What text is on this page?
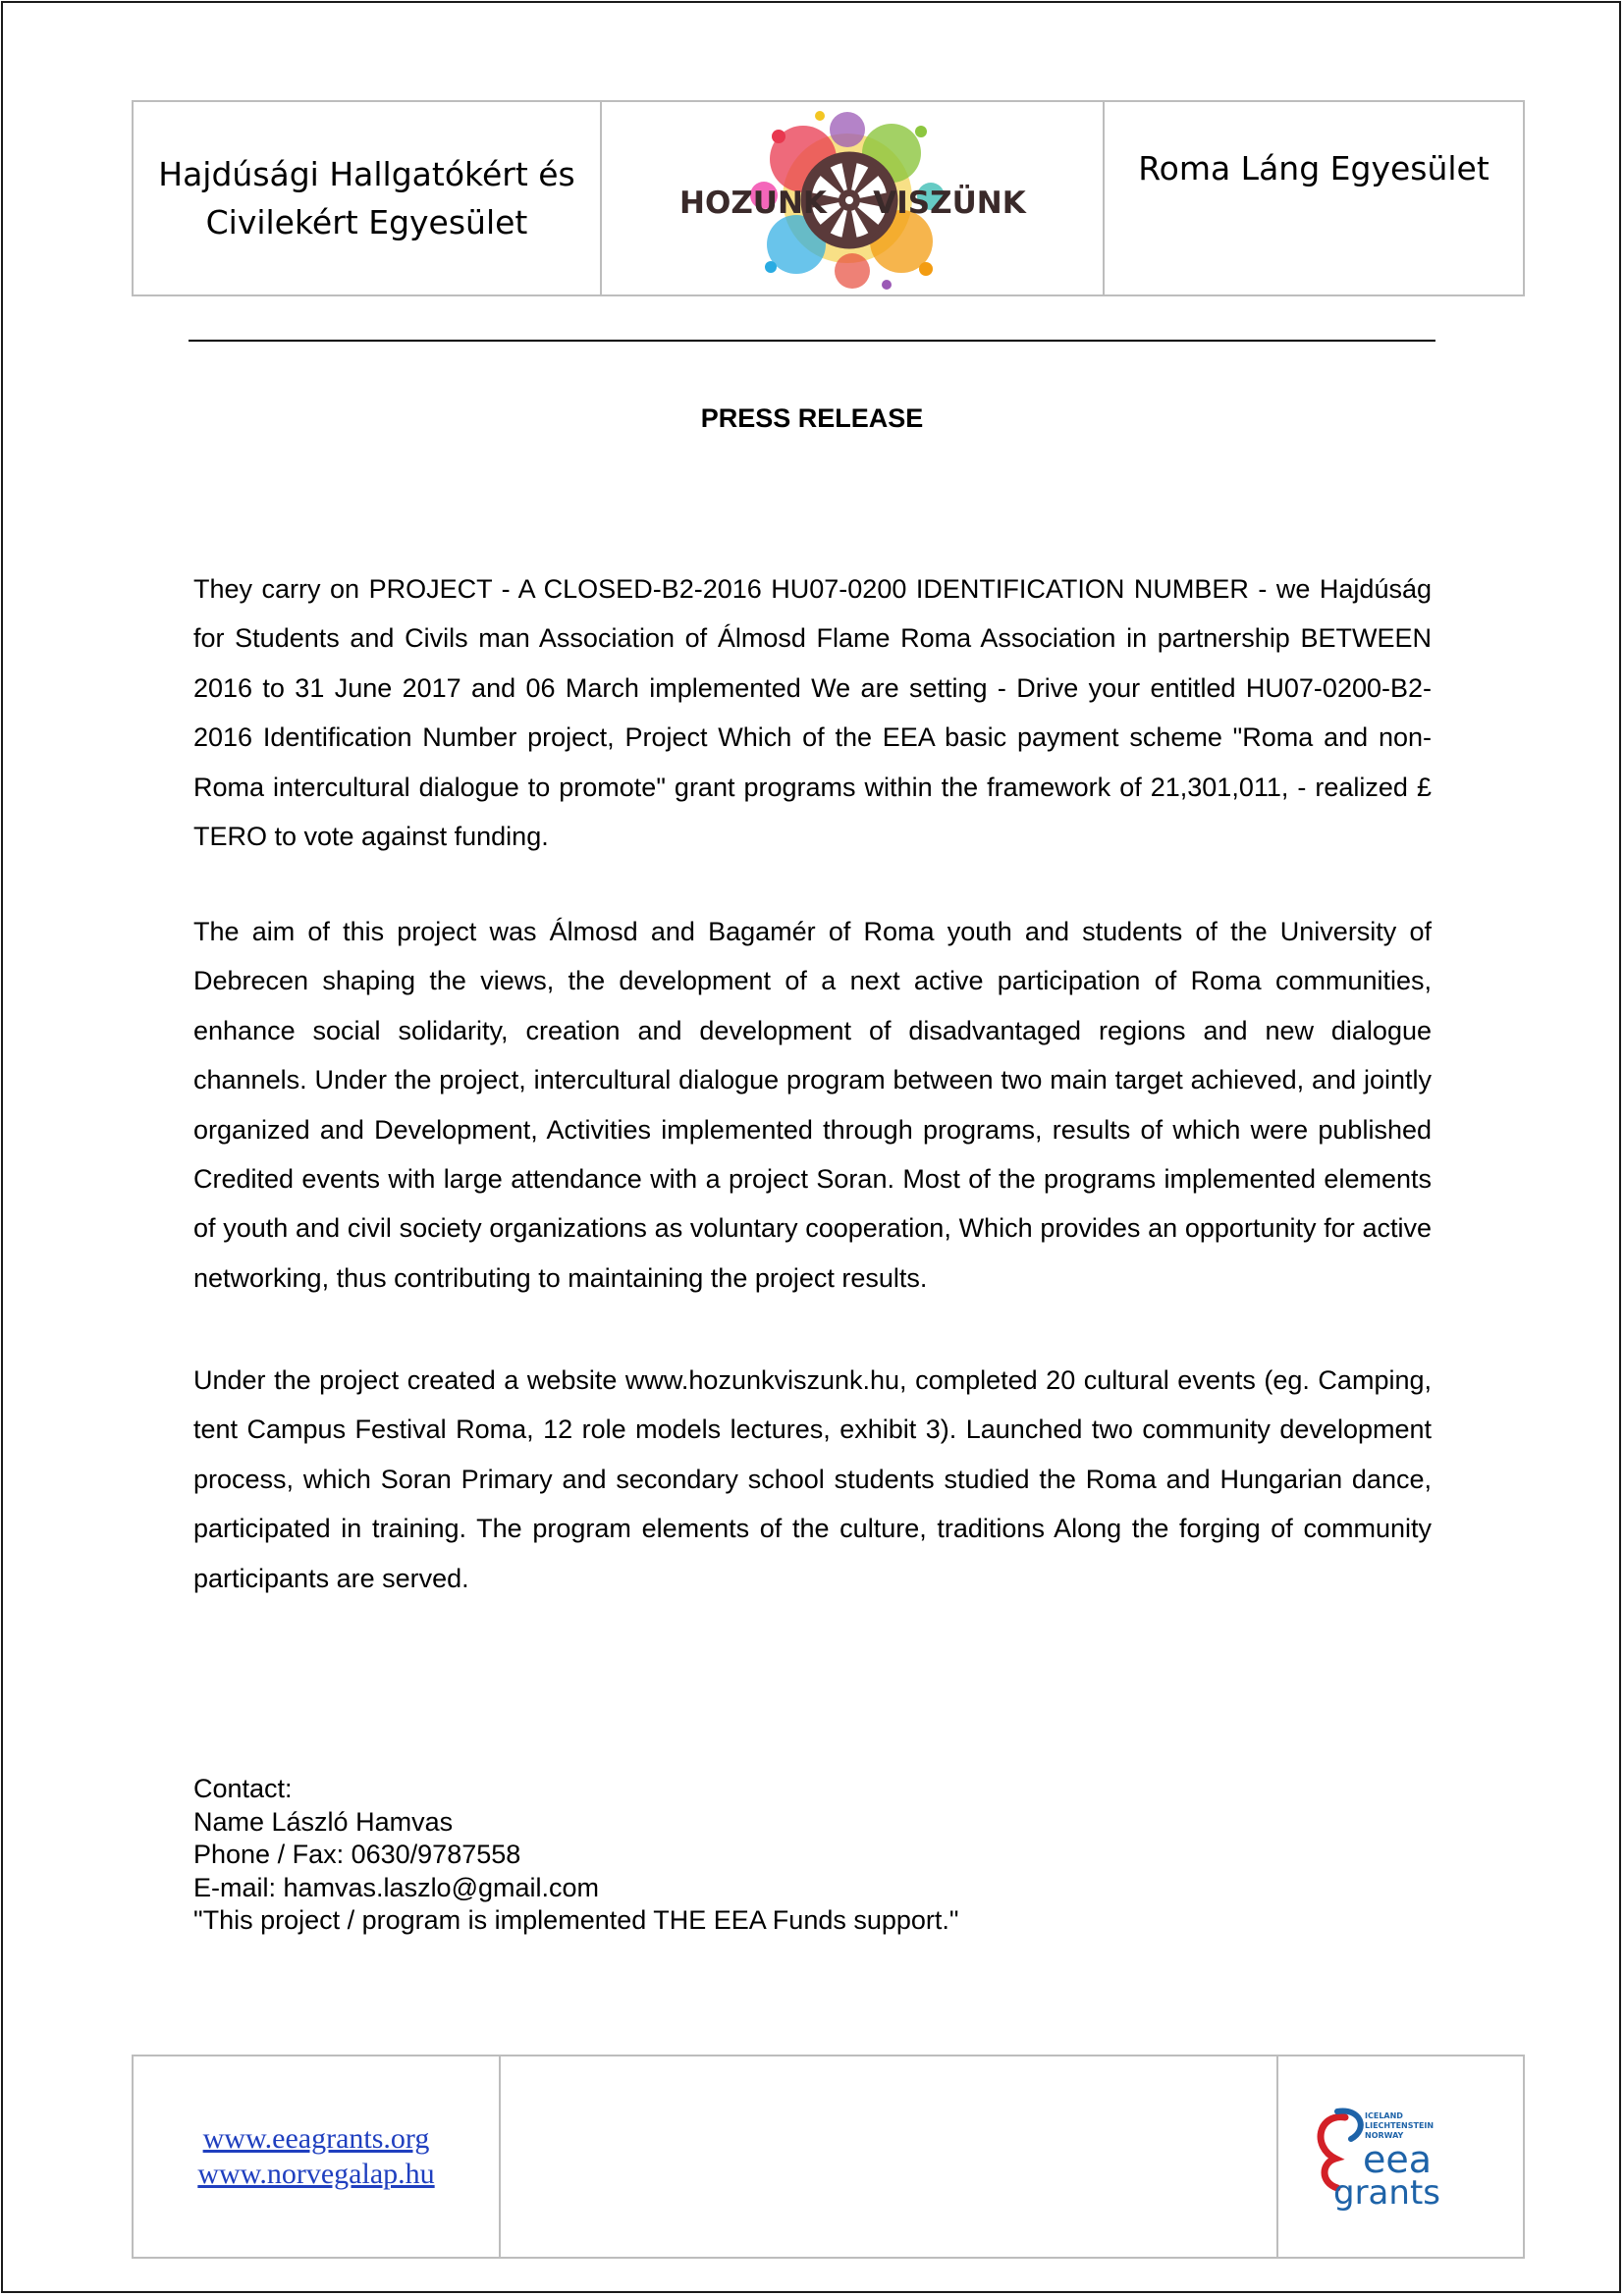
Hajdúsági Hallgatókért és
Civilekért Egyesület	HOZUNK VISZÜNK
Roma Láng Egyesület
PRESS RELEASE

They carry on PROJECT - A CLOSED-B2-2016 HU07-0200 IDENTIFICATION NUMBER - we Hajdúság for Students and Civils man Association of Álmosd Flame Roma Association in partnership BETWEEN 2016 to 31 June 2017 and 06 March implemented We are setting - Drive your entitled HU07-0200-B2-2016 Identification Number project, Project Which of the EEA basic payment scheme "Roma and non-Roma intercultural dialogue to promote" grant programs within the framework of 21,301,011, - realized £ TERO to vote against funding.

The aim of this project was Álmosd and Bagamér of Roma youth and students of the University of Debrecen shaping the views, the development of a next active participation of Roma communities, enhance social solidarity, creation and development of disadvantaged regions and new dialogue channels. Under the project, intercultural dialogue program between two main target achieved, and jointly organized and Development, Activities implemented through programs, results of which were published Credited events with large attendance with a project Soran. Most of the programs implemented elements of youth and civil society organizations as voluntary cooperation, Which provides an opportunity for active networking, thus contributing to maintaining the project results.

Under the project created a website www.hozunkviszunk.hu, completed 20 cultural events (eg. Camping, tent Campus Festival Roma, 12 role models lectures, exhibit 3). Launched two community development process, which Soran Primary and secondary school students studied the Roma and Hungarian dance, participated in training. The program elements of the culture, traditions Along the forging of community participants are served.

Contact:
Name László Hamvas
Phone / Fax: 0630/9787558
E-mail: hamvas.laszlo@gmail.com
"This project / program is implemented THE EEA Funds support."
www.eeagrants.org
www.norvegalap.hu
ICELAND
LIECHTENSTEIN
NORWAY
eea
grants
